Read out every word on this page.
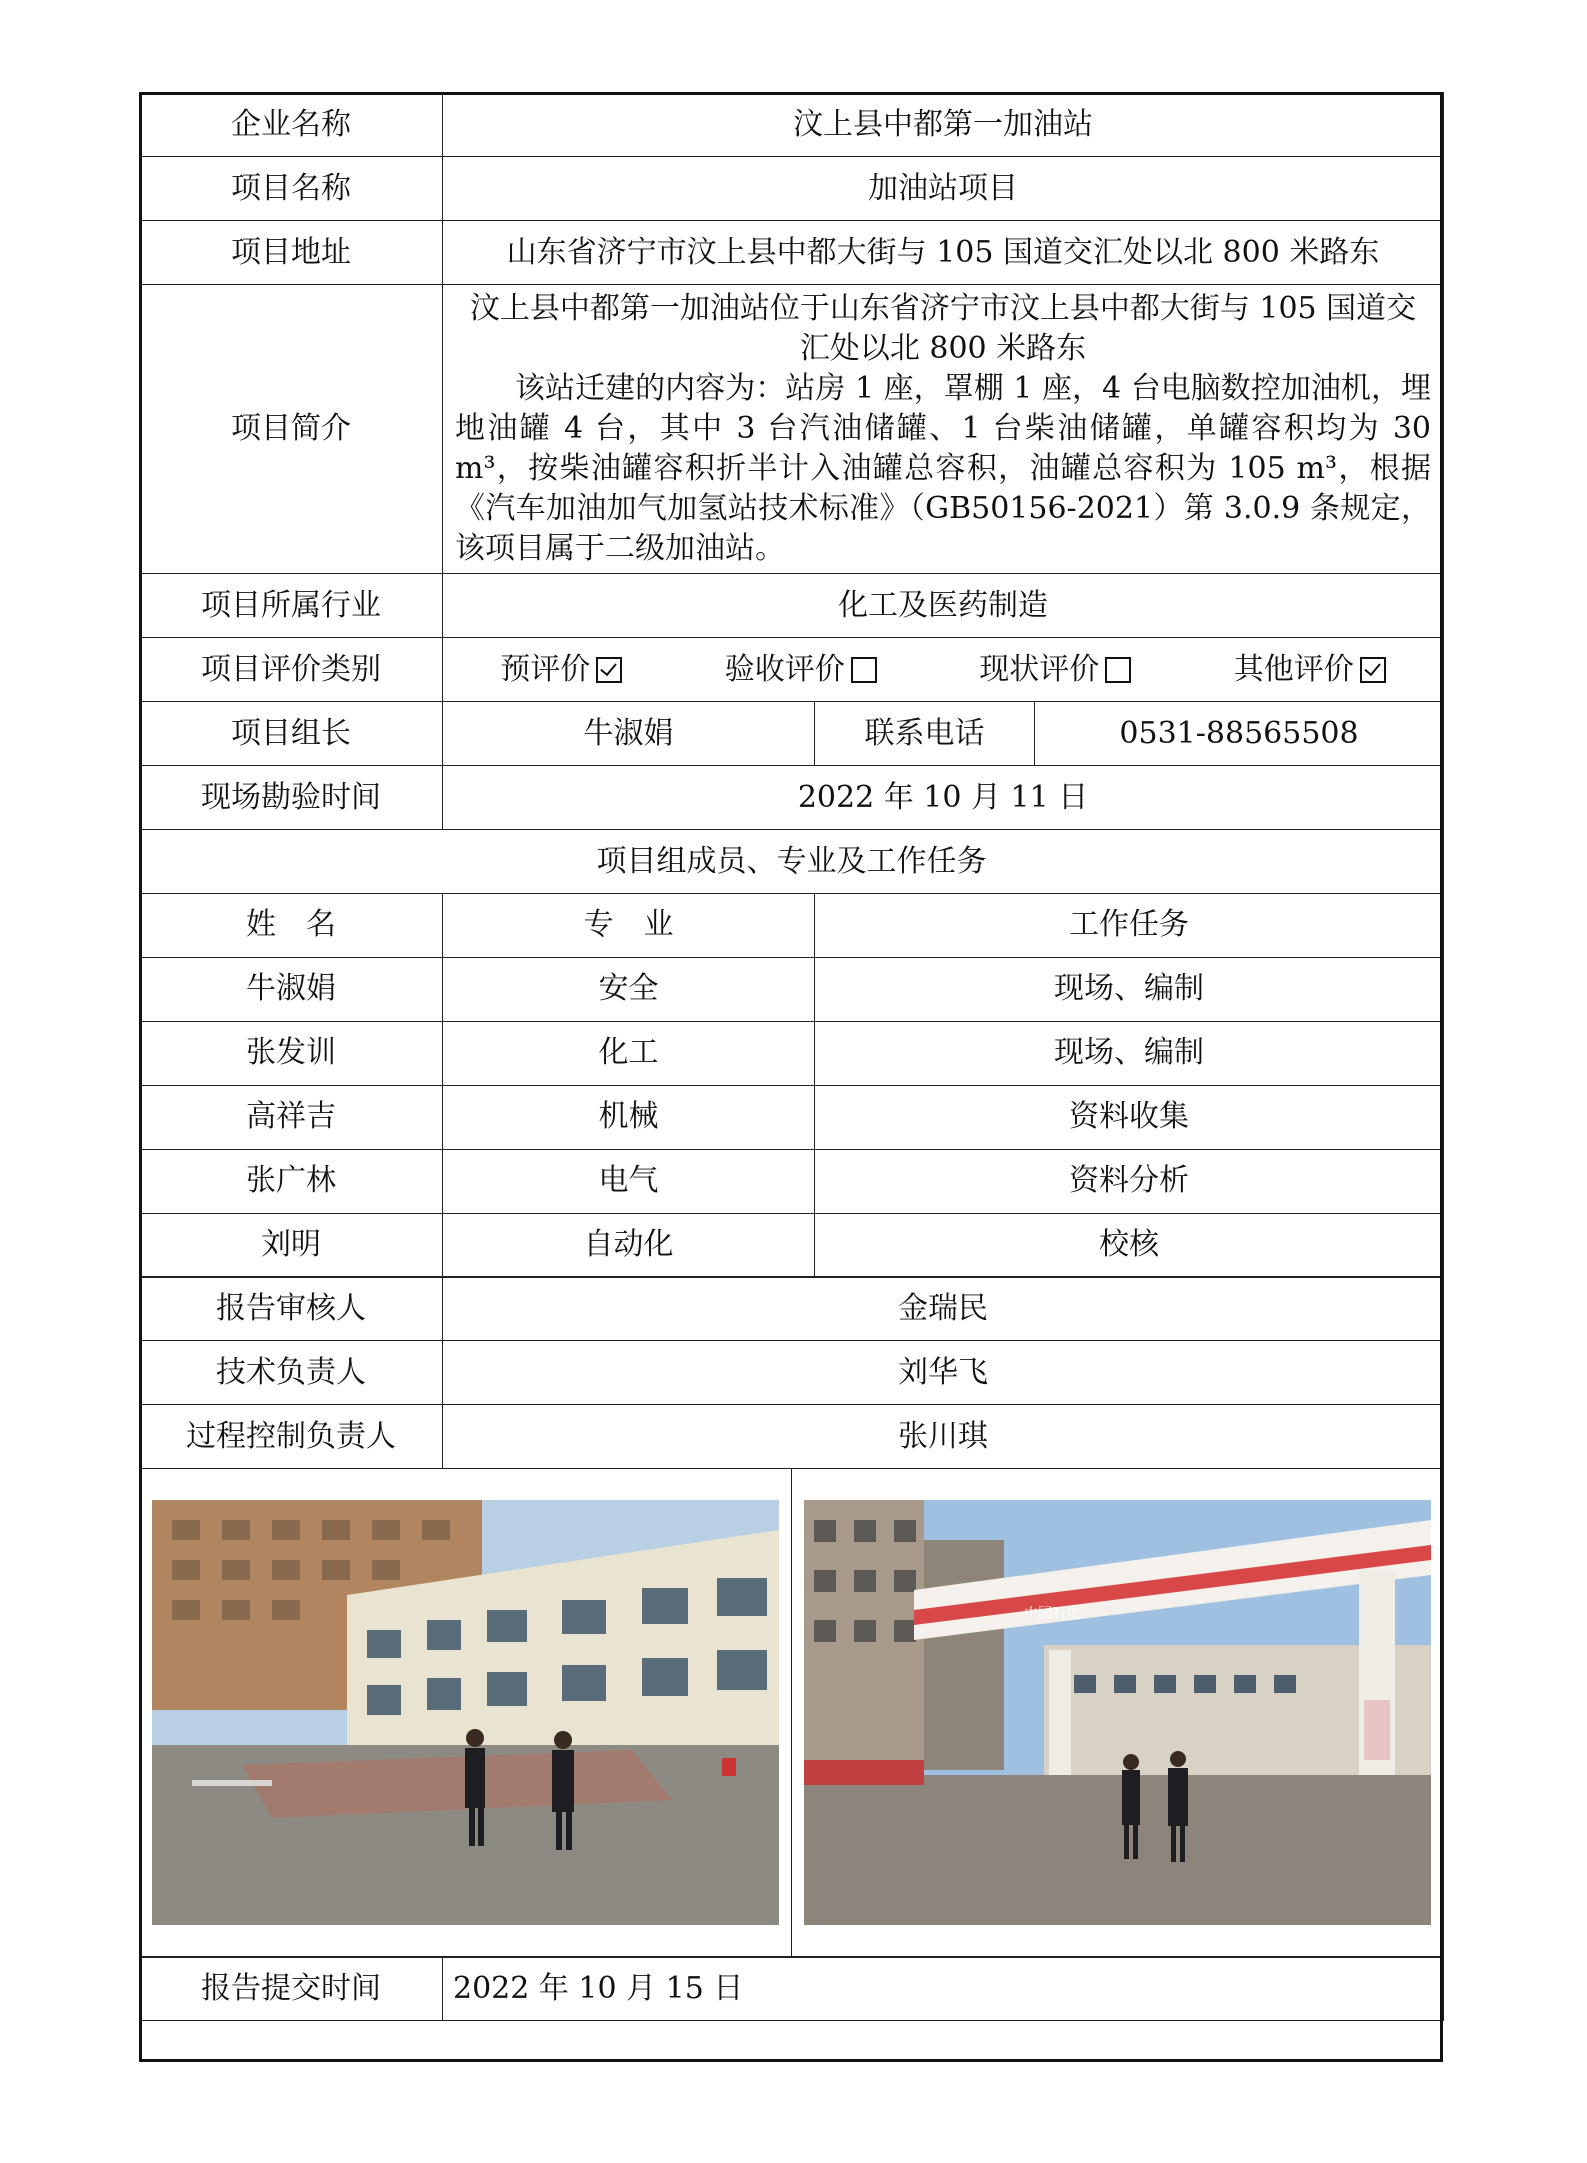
企业名称	汶上县中都第一加油站		
项目名称	加油站项目		
项目地址	山东省济宁市汶上县中都大街与 105 国道交汇处以北 800 米路东		
项目简介	汶上县中都第一加油站位于山东省济宁市汶上县中都大街与 105 国道交汇处以北 800 米路东

该站迁建的内容为：站房 1 座，罩棚 1 座，4 台电脑数控加油机，埋地油罐 4 台，其中 3 台汽油储罐、1 台柴油储罐，单罐容积均为 30 m³，按柴油罐容积折半计入油罐总容积，油罐总容积为 105 m³，根据《汽车加油加气加氢站技术标准》（GB50156-2021）第 3.0.9 条规定，该项目属于二级加油站。		

项目所属行业	化工及医药制造		
项目评价类别	预评价 验收评价 现状评价 其他评价		

项目组长	牛淑娟	联系电话	0531-88565508
现场勘验时间	2022 年 10 月 11 日		
项目组成员、专业及工作任务			
姓　名	专　业	工作任务
牛淑娟	安全	现场、编制
张发训	化工	现场、编制
高祥吉	机械	资料收集
张广林	电气	资料分析
刘明	自动化	校核
报告审核人	金瑞民
技术负责人	刘华飞
过程控制负责人	张川琪

中国石化
报告提交时间	2022 年 10 月 15 日
